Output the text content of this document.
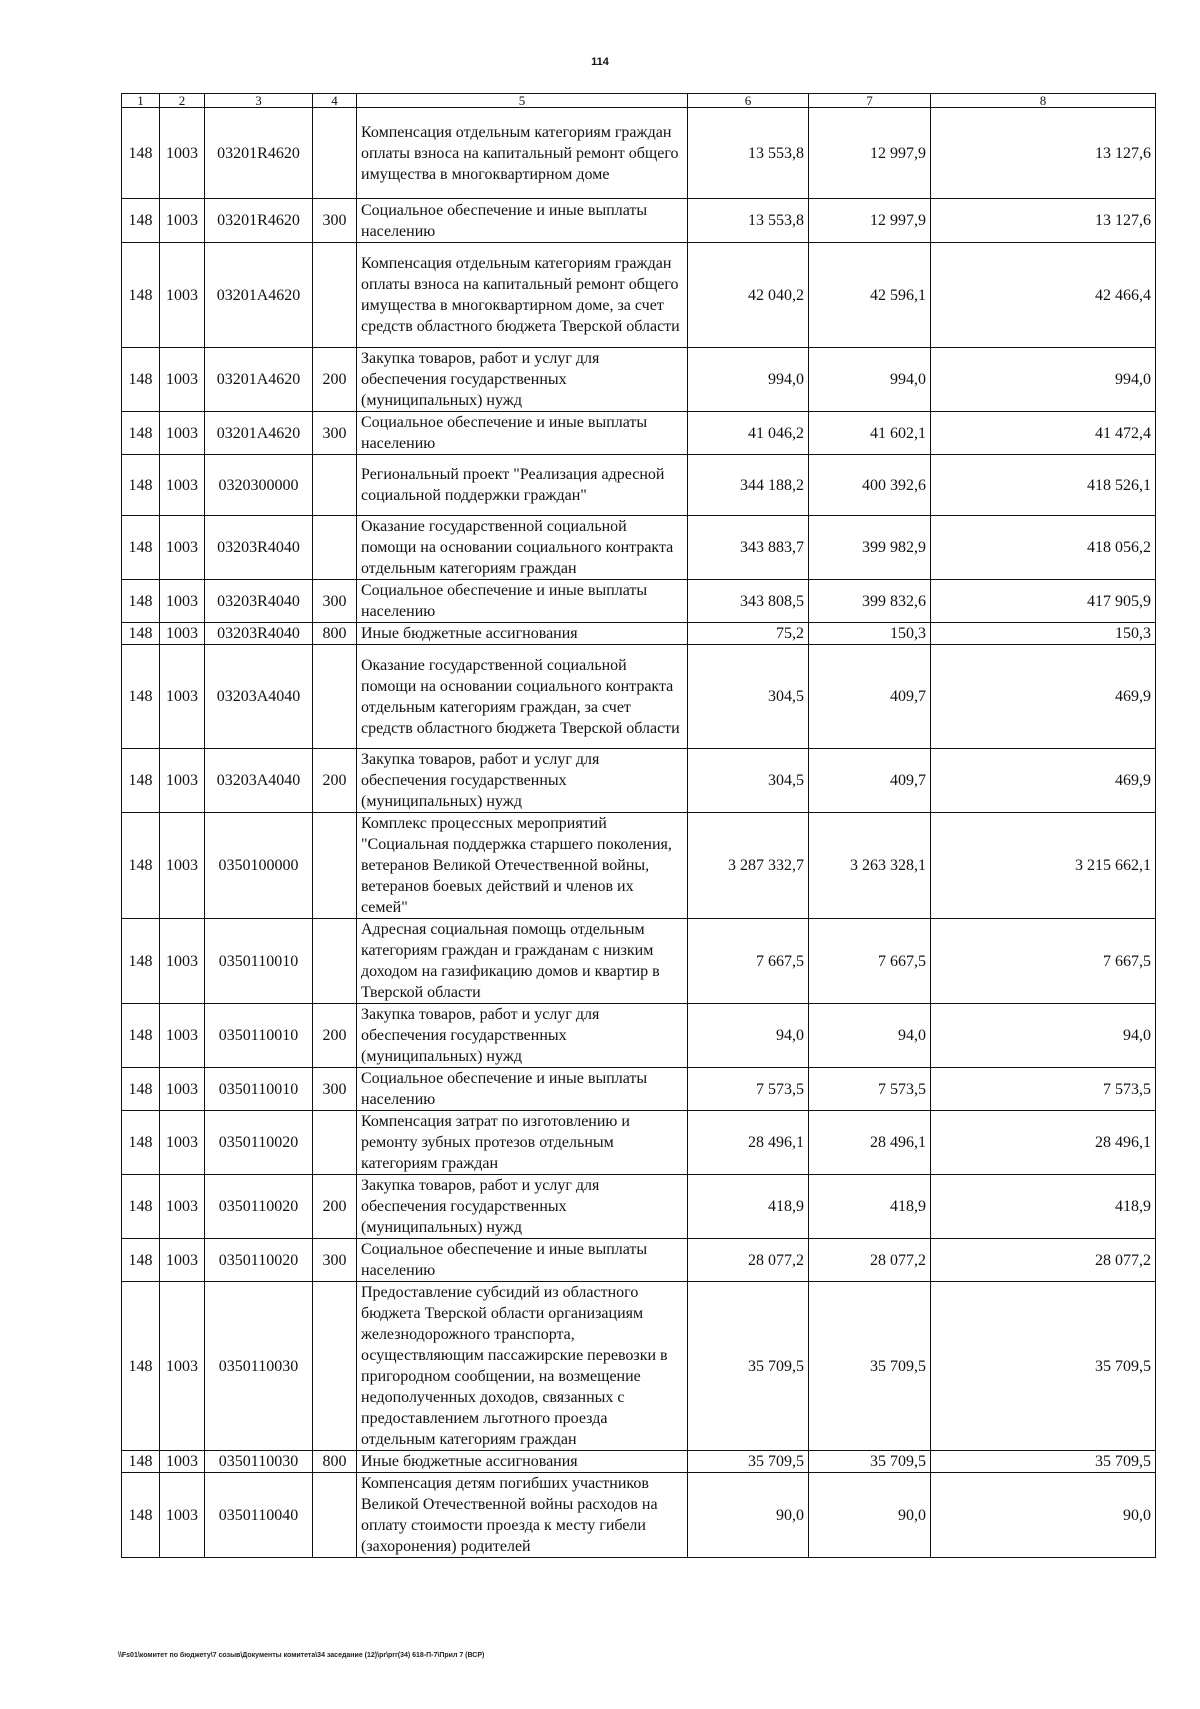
114
1	2	3	4	5	6	7	8
148	1003	03201R4620		Компенсация отдельным категориям граждан оплаты взноса на капитальный ремонт общего имущества в многоквартирном доме	13 553,8	12 997,9	13 127,6
148	1003	03201R4620	300	Социальное обеспечение и иные выплаты населению	13 553,8	12 997,9	13 127,6
148	1003	03201A4620		Компенсация отдельным категориям граждан оплаты взноса на капитальный ремонт общего имущества в многоквартирном доме, за счет средств областного бюджета Тверской области	42 040,2	42 596,1	42 466,4
148	1003	03201A4620	200	Закупка товаров, работ и услуг для обеспечения государственных (муниципальных) нужд	994,0	994,0	994,0
148	1003	03201A4620	300	Социальное обеспечение и иные выплаты населению	41 046,2	41 602,1	41 472,4
148	1003	0320300000		Региональный проект "Реализация адресной социальной поддержки граждан"	344 188,2	400 392,6	418 526,1
148	1003	03203R4040		Оказание государственной социальной помощи на основании социального контракта отдельным категориям граждан	343 883,7	399 982,9	418 056,2
148	1003	03203R4040	300	Социальное обеспечение и иные выплаты населению	343 808,5	399 832,6	417 905,9
148	1003	03203R4040	800	Иные бюджетные ассигнования	75,2	150,3	150,3
148	1003	03203A4040		Оказание государственной социальной помощи на основании социального контракта отдельным категориям граждан, за счет средств областного бюджета Тверской области	304,5	409,7	469,9
148	1003	03203A4040	200	Закупка товаров, работ и услуг для обеспечения государственных (муниципальных) нужд	304,5	409,7	469,9
148	1003	0350100000		Комплекс процессных мероприятий "Социальная поддержка старшего поколения, ветеранов Великой Отечественной войны, ветеранов боевых действий и членов их семей"	3 287 332,7	3 263 328,1	3 215 662,1
148	1003	0350110010		Адресная социальная помощь отдельным категориям граждан и гражданам с низким доходом на газификацию домов и квартир в Тверской области	7 667,5	7 667,5	7 667,5
148	1003	0350110010	200	Закупка товаров, работ и услуг для обеспечения государственных (муниципальных) нужд	94,0	94,0	94,0
148	1003	0350110010	300	Социальное обеспечение и иные выплаты населению	7 573,5	7 573,5	7 573,5
148	1003	0350110020		Компенсация затрат по изготовлению и ремонту зубных протезов отдельным категориям граждан	28 496,1	28 496,1	28 496,1
148	1003	0350110020	200	Закупка товаров, работ и услуг для обеспечения государственных (муниципальных) нужд	418,9	418,9	418,9
148	1003	0350110020	300	Социальное обеспечение и иные выплаты населению	28 077,2	28 077,2	28 077,2
148	1003	0350110030		Предоставление субсидий из областного бюджета Тверской области организациям железнодорожного транспорта, осуществляющим пассажирские перевозки в пригородном сообщении, на возмещение недополученных доходов, связанных с предоставлением льготного проезда отдельным категориям граждан	35 709,5	35 709,5	35 709,5
148	1003	0350110030	800	Иные бюджетные ассигнования	35 709,5	35 709,5	35 709,5
148	1003	0350110040		Компенсация детям погибших участников Великой Отечественной войны расходов на оплату стоимости проезда к месту гибели (захоронения) родителей	90,0	90,0	90,0
\\Fs01\комитет по бюджету\7 созыв\Документы комитета\34 заседание (12)\pr\prr(34) 618-П-7\Прил 7 (ВСР)
